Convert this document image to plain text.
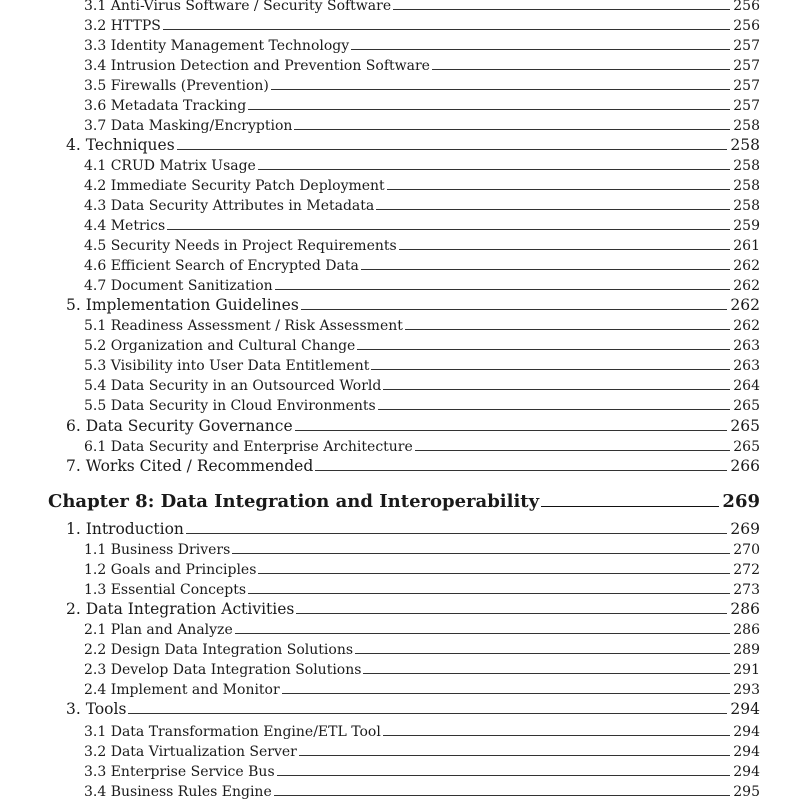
3.1 Anti-Virus Software / Security Software	256
3.2 HTTPS	256
3.3 Identity Management Technology	257
3.4 Intrusion Detection and Prevention Software	257
3.5 Firewalls (Prevention)	257
3.6 Metadata Tracking	257
3.7 Data Masking/Encryption	258
4. Techniques	258
4.1 CRUD Matrix Usage	258
4.2 Immediate Security Patch Deployment	258
4.3 Data Security Attributes in Metadata	258
4.4 Metrics	259
4.5 Security Needs in Project Requirements	261
4.6 Efficient Search of Encrypted Data	262
4.7 Document Sanitization	262
5. Implementation Guidelines	262
5.1 Readiness Assessment / Risk Assessment	262
5.2 Organization and Cultural Change	263
5.3 Visibility into User Data Entitlement	263
5.4 Data Security in an Outsourced World	264
5.5 Data Security in Cloud Environments	265
6. Data Security Governance	265
6.1 Data Security and Enterprise Architecture	265
7. Works Cited / Recommended	266
Chapter 8: Data Integration and Interoperability	269
1. Introduction	269
1.1 Business Drivers	270
1.2 Goals and Principles	272
1.3 Essential Concepts	273
2. Data Integration Activities	286
2.1 Plan and Analyze	286
2.2 Design Data Integration Solutions	289
2.3 Develop Data Integration Solutions	291
2.4 Implement and Monitor	293
3. Tools	294
3.1 Data Transformation Engine/ETL Tool	294
3.2 Data Virtualization Server	294
3.3 Enterprise Service Bus	294
3.4 Business Rules Engine	295
